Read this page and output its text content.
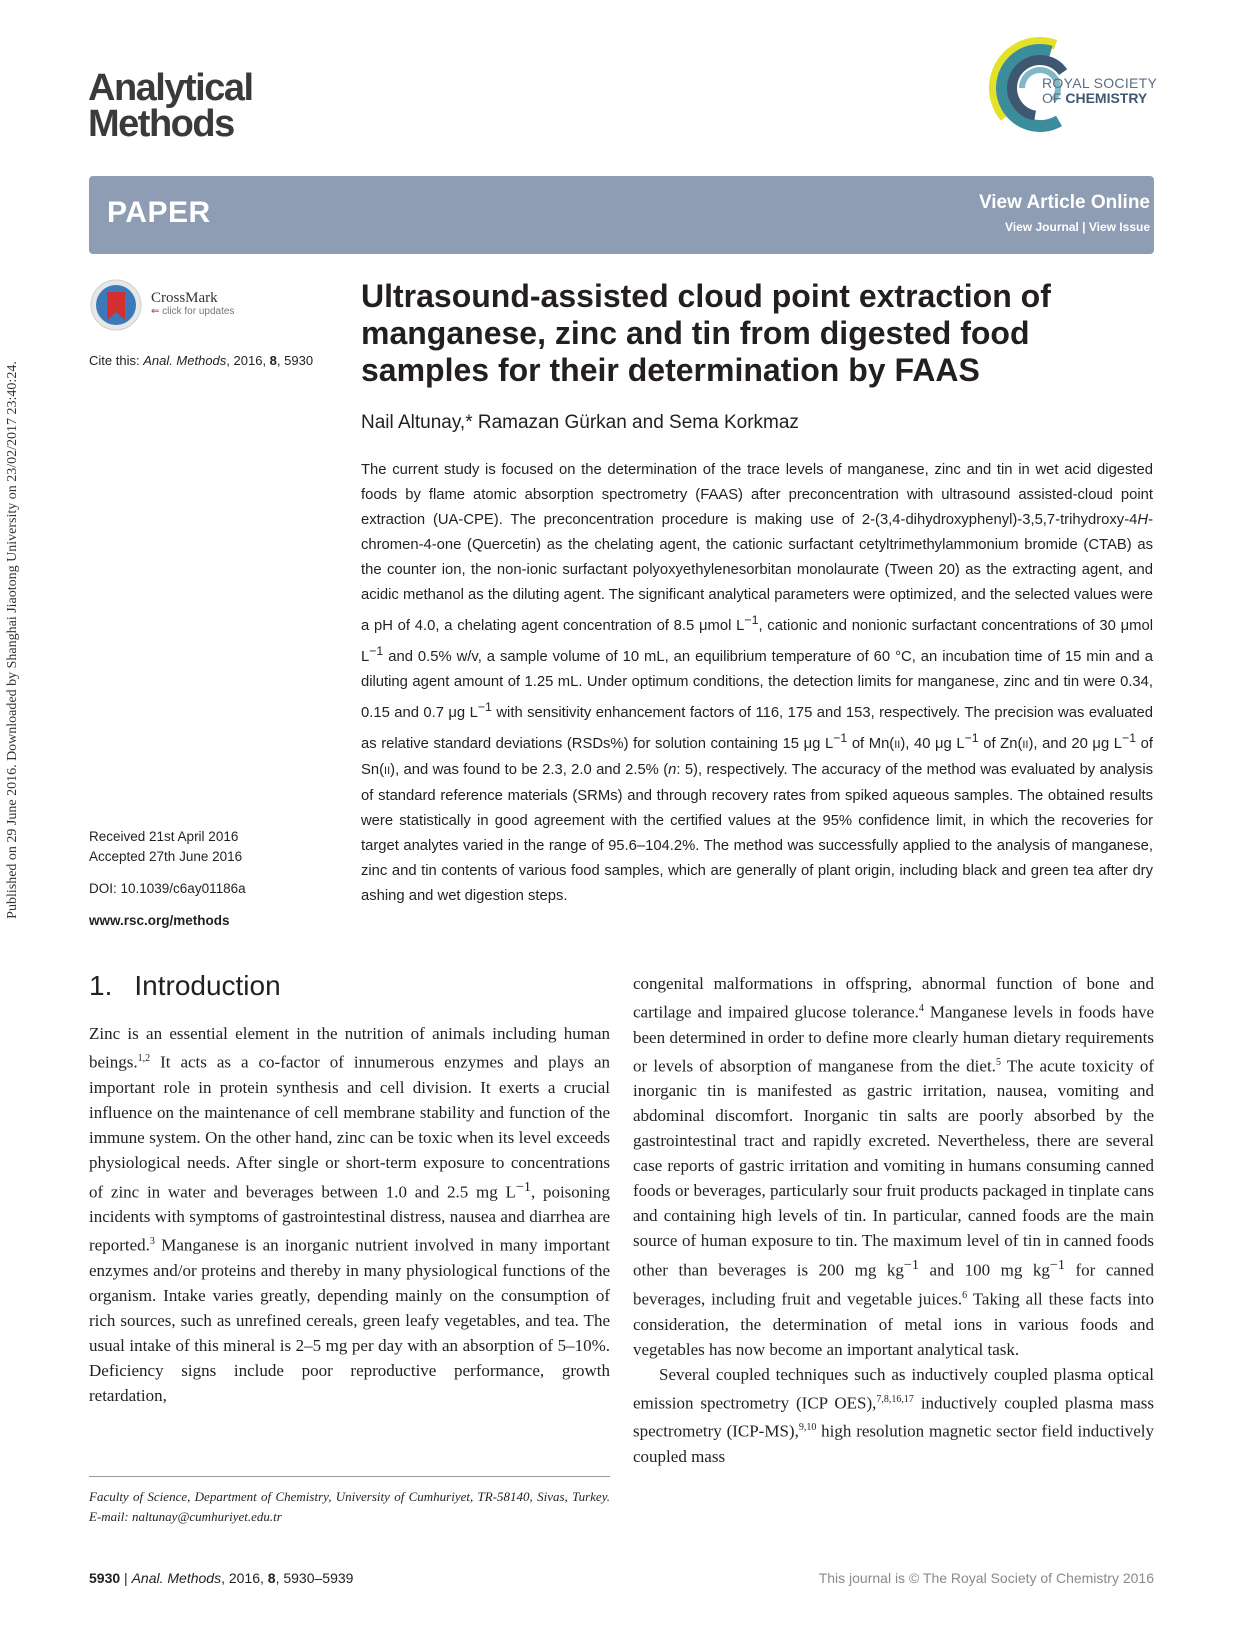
Published on 29 June 2016. Downloaded by Shanghai Jiaotong University on 23/02/2017 23:40:24.
Analytical
Methods
ROYAL SOCIETY
OF CHEMISTRY
PAPER	View Article Online
View Journal | View Issue
CrossMark
⇐ click for updates
Cite this: Anal. Methods, 2016, 8, 5930
Ultrasound-assisted cloud point extraction of manganese, zinc and tin from digested food samples for their determination by FAAS
Nail Altunay,* Ramazan Gürkan and Sema Korkmaz
The current study is focused on the determination of the trace levels of manganese, zinc and tin in wet acid digested foods by flame atomic absorption spectrometry (FAAS) after preconcentration with ultrasound assisted-cloud point extraction (UA-CPE). The preconcentration procedure is making use of 2-(3,4-dihydroxyphenyl)-3,5,7-trihydroxy-4H-chromen-4-one (Quercetin) as the chelating agent, the cationic surfactant cetyltrimethylammonium bromide (CTAB) as the counter ion, the non-ionic surfactant polyoxyethylenesorbitan monolaurate (Tween 20) as the extracting agent, and acidic methanol as the diluting agent. The significant analytical parameters were optimized, and the selected values were a pH of 4.0, a chelating agent concentration of 8.5 μmol $L^{-1}$, cationic and nonionic surfactant concentrations of 30 μmol $L^{-1}$ and 0.5% w/v, a sample volume of 10 mL, an equilibrium temperature of 60 °C, an incubation time of 15 min and a diluting agent amount of 1.25 mL. Under optimum conditions, the detection limits for manganese, zinc and tin were 0.34, 0.15 and 0.7 μg $L^{-1}$ with sensitivity enhancement factors of 116, 175 and 153, respectively. The precision was evaluated as relative standard deviations (RSDs%) for solution containing 15 μg $L^{-1}$ of Mn(II), 40 μg $L^{-1}$ of Zn(II), and 20 μg $L^{-1}$ of Sn(II), and was found to be 2.3, 2.0 and 2.5% (n: 5), respectively. The accuracy of the method was evaluated by analysis of standard reference materials (SRMs) and through recovery rates from spiked aqueous samples. The obtained results were statistically in good agreement with the certified values at the 95% confidence limit, in which the recoveries for target analytes varied in the range of 95.6–104.2%. The method was successfully applied to the analysis of manganese, zinc and tin contents of various food samples, which are generally of plant origin, including black and green tea after dry ashing and wet digestion steps.
Received 21st April 2016
Accepted 27th June 2016
DOI: 10.1039/c6ay01186a
www.rsc.org/methods
1. Introduction

Zinc is an essential element in the nutrition of animals including human beings.$^{1,2}$ It acts as a co-factor of innumerous enzymes and plays an important role in protein synthesis and cell division. It exerts a crucial influence on the maintenance of cell membrane stability and function of the immune system. On the other hand, zinc can be toxic when its level exceeds physiological needs. After single or short-term exposure to concentrations of zinc in water and beverages between 1.0 and 2.5 mg $L^{-1}$, poisoning incidents with symptoms of gastrointestinal distress, nausea and diarrhea are reported.$^3$ Manganese is an inorganic nutrient involved in many important enzymes and/or proteins and thereby in many physiological functions of the organism. Intake varies greatly, depending mainly on the consumption of rich sources, such as unrefined cereals, green leafy vegetables, and tea. The usual intake of this mineral is 2–5 mg per day with an absorption of 5–10%. Deficiency signs include poor reproductive performance, growth retardation,

congenital malformations in offspring, abnormal function of bone and cartilage and impaired glucose tolerance.$^4$ Manganese levels in foods have been determined in order to define more clearly human dietary requirements or levels of absorption of manganese from the diet.$^5$ The acute toxicity of inorganic tin is manifested as gastric irritation, nausea, vomiting and abdominal discomfort. Inorganic tin salts are poorly absorbed by the gastrointestinal tract and rapidly excreted. Nevertheless, there are several case reports of gastric irritation and vomiting in humans consuming canned foods or beverages, particularly sour fruit products packaged in tinplate cans and containing high levels of tin. In particular, canned foods are the main source of human exposure to tin. The maximum level of tin in canned foods other than beverages is 200 mg $kg^{-1}$ and 100 mg $kg^{-1}$ for canned beverages, including fruit and vegetable juices.$^6$ Taking all these facts into consideration, the determination of metal ions in various foods and vegetables has now become an important analytical task.

Several coupled techniques such as inductively coupled plasma optical emission spectrometry (ICP OES),$^{7,8,16,17}$ inductively coupled plasma mass spectrometry (ICP-MS),$^{9,10}$ high resolution magnetic sector field inductively coupled mass

Faculty of Science, Department of Chemistry, University of Cumhuriyet, TR-58140, Sivas, Turkey. E-mail: naltunay@cumhuriyet.edu.tr
5930 | Anal. Methods, 2016, 8, 5930–5939	This journal is © The Royal Society of Chemistry 2016
